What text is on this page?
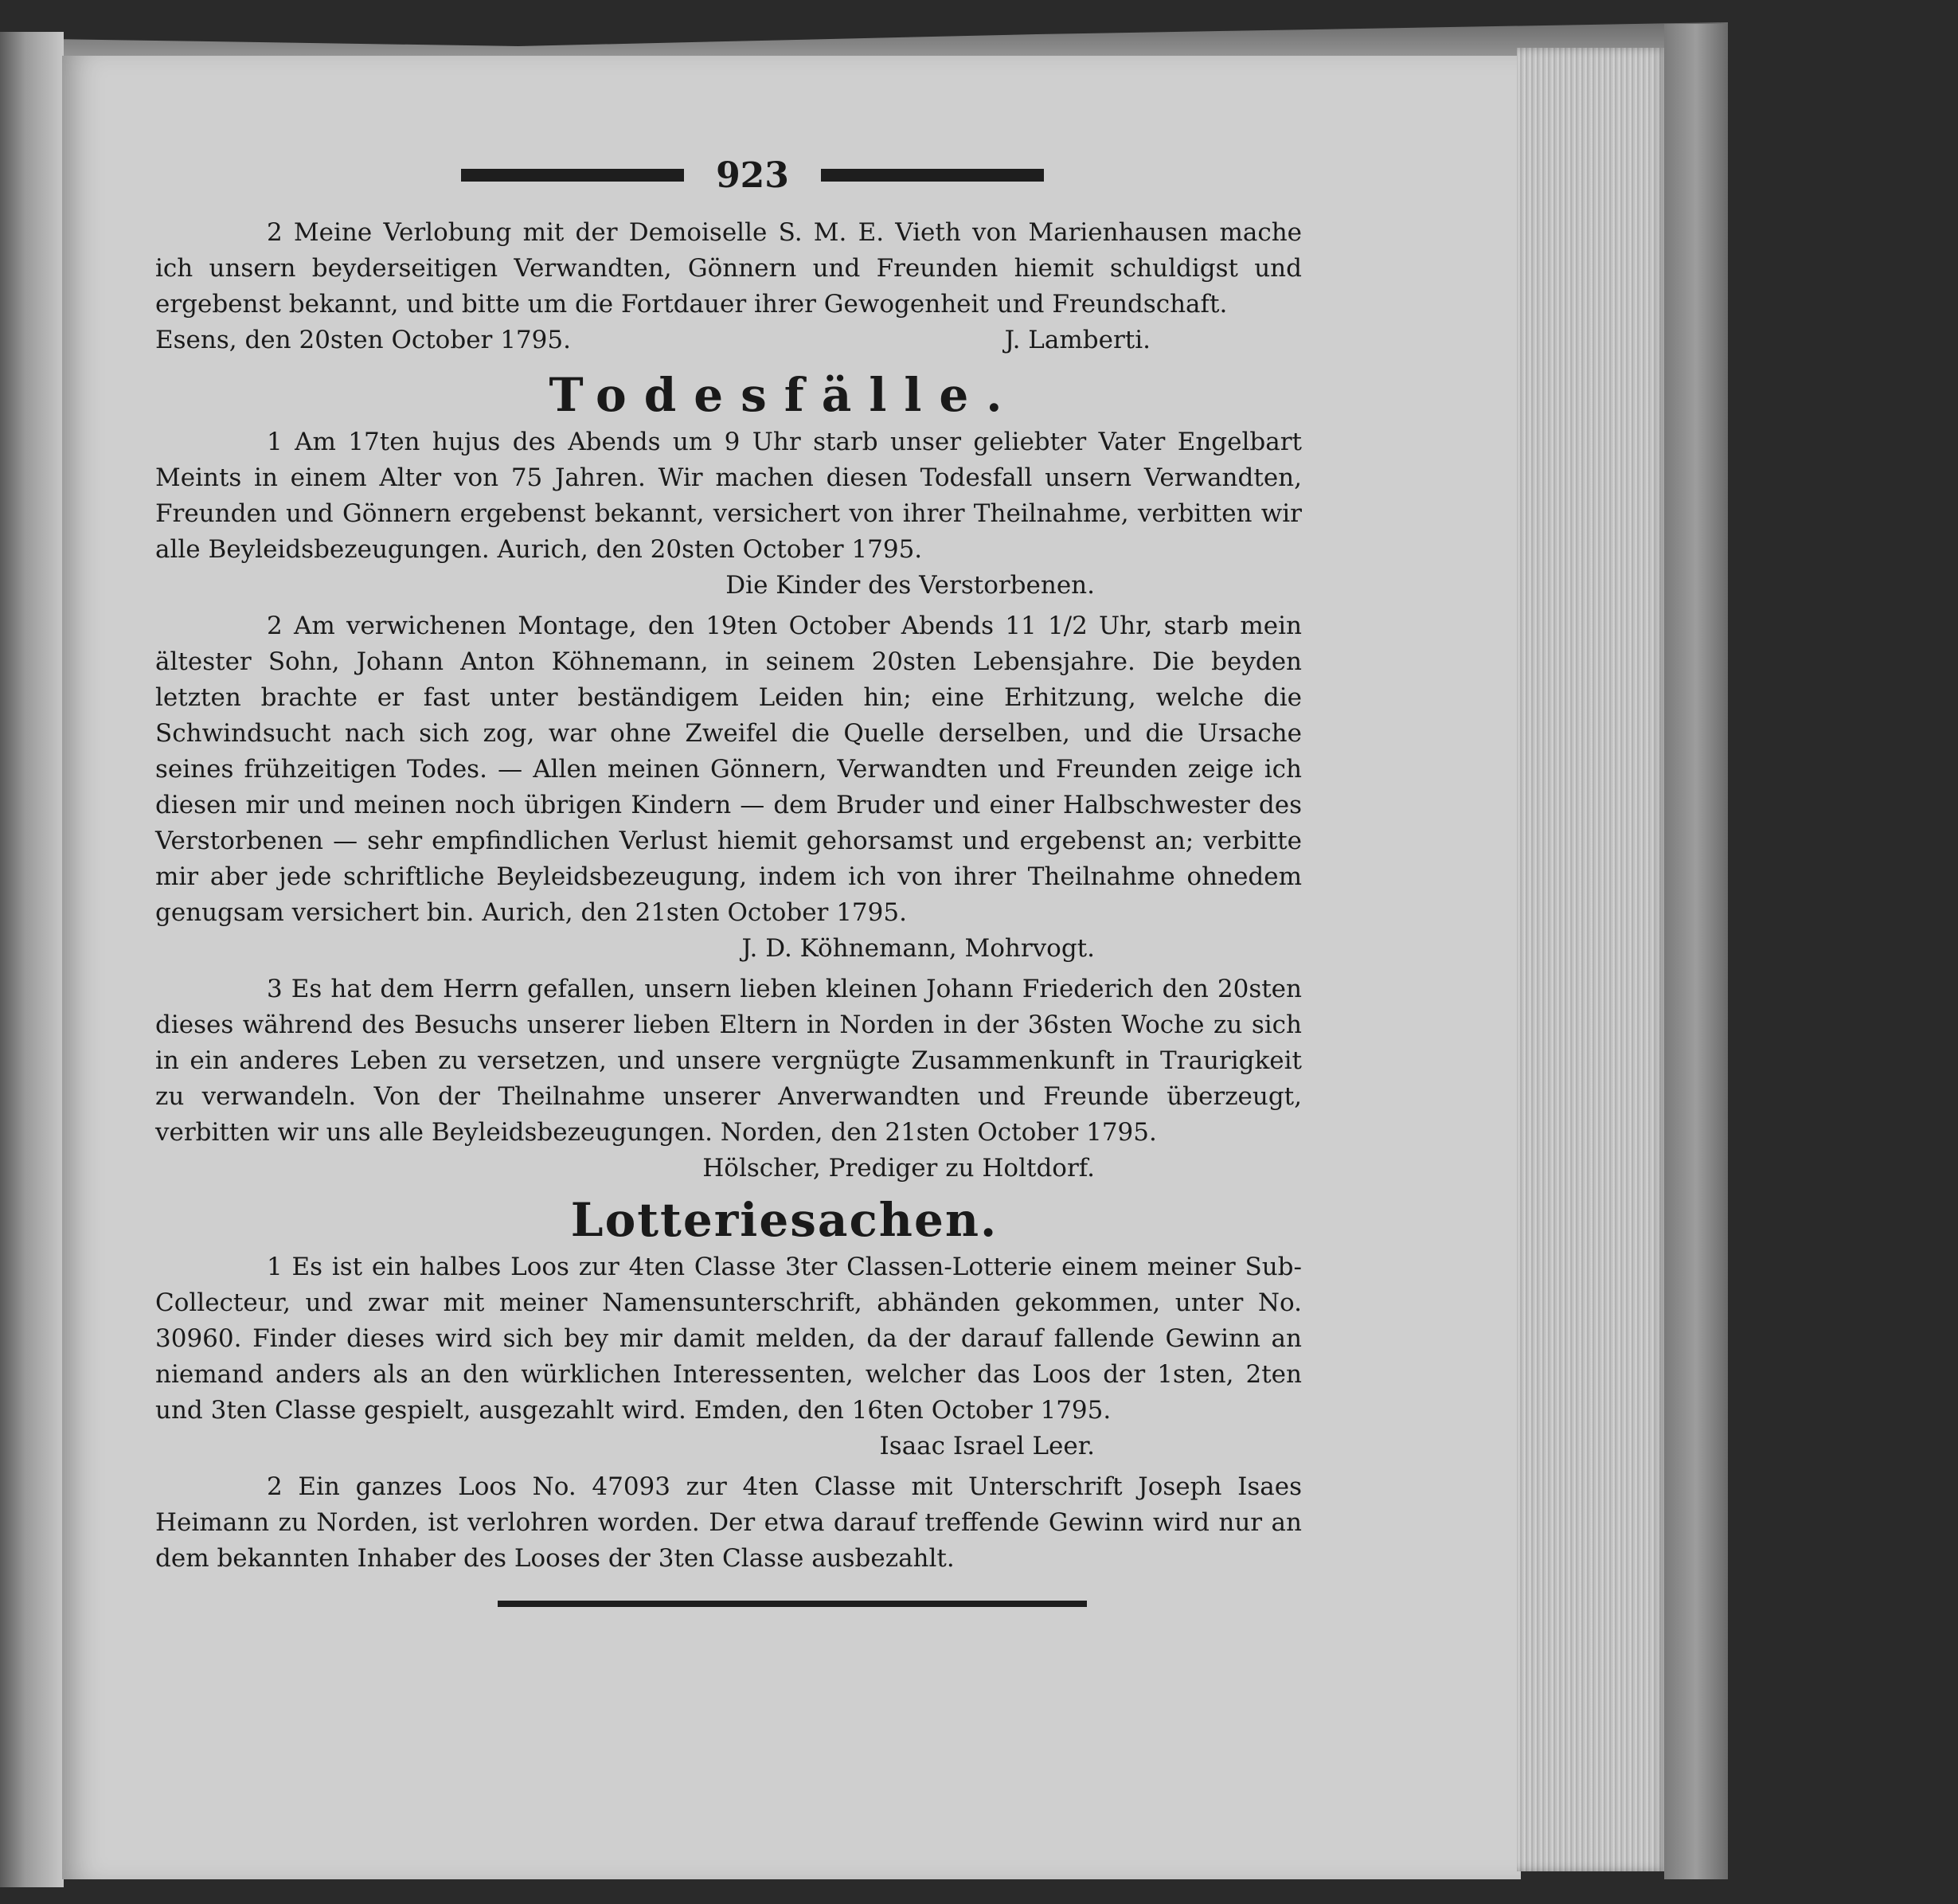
923

2 Meine Verlobung mit der Demoiselle S. M. E. Vieth von Marienhausen mache ich unsern beyderseitigen Verwandten, Gönnern und Freunden hiemit schuldigst und ergebenst bekannt, und bitte um die Fortdauer ihrer Gewogenheit und Freundschaft.

Esens, den 20sten October 1795.	J. Lamberti.

Todesfälle.

1 Am 17ten hujus des Abends um 9 Uhr starb unser geliebter Vater Engelbart Meints in einem Alter von 75 Jahren. Wir machen diesen Todesfall unsern Verwandten, Freunden und Gönnern ergebenst bekannt, versichert von ihrer Theilnahme, verbitten wir alle Beyleidsbezeugungen. Aurich, den 20sten October 1795.

Die Kinder des Verstorbenen.

2 Am verwichenen Montage, den 19ten October Abends 11 1/2 Uhr, starb mein ältester Sohn, Johann Anton Köhnemann, in seinem 20sten Lebensjahre. Die beyden letzten brachte er fast unter beständigem Leiden hin; eine Erhitzung, welche die Schwindsucht nach sich zog, war ohne Zweifel die Quelle derselben, und die Ursache seines frühzeitigen Todes. — Allen meinen Gönnern, Verwandten und Freunden zeige ich diesen mir und meinen noch übrigen Kindern — dem Bruder und einer Halbschwester des Verstorbenen — sehr empfindlichen Verlust hiemit gehorsamst und ergebenst an; verbitte mir aber jede schriftliche Beyleidsbezeugung, indem ich von ihrer Theilnahme ohnedem genugsam versichert bin. Aurich, den 21sten October 1795.

J. D. Köhnemann, Mohrvogt.

3 Es hat dem Herrn gefallen, unsern lieben kleinen Johann Friederich den 20sten dieses während des Besuchs unserer lieben Eltern in Norden in der 36sten Woche zu sich in ein anderes Leben zu versetzen, und unsere vergnügte Zusammenkunft in Traurigkeit zu verwandeln. Von der Theilnahme unserer Anverwandten und Freunde überzeugt, verbitten wir uns alle Beyleidsbezeugungen. Norden, den 21sten October 1795.

Hölscher, Prediger zu Holtdorf.

Lotteriesachen.

1 Es ist ein halbes Loos zur 4ten Classe 3ter Classen-Lotterie einem meiner Sub-Collecteur, und zwar mit meiner Namensunterschrift, abhänden gekommen, unter No. 30960. Finder dieses wird sich bey mir damit melden, da der darauf fallende Gewinn an niemand anders als an den würklichen Interessenten, welcher das Loos der 1sten, 2ten und 3ten Classe gespielt, ausgezahlt wird. Emden, den 16ten October 1795.

Isaac Israel Leer.

2 Ein ganzes Loos No. 47093 zur 4ten Classe mit Unterschrift Joseph Isaes Heimann zu Norden, ist verlohren worden. Der etwa darauf treffende Gewinn wird nur an dem bekannten Inhaber des Looses der 3ten Classe ausbezahlt.
